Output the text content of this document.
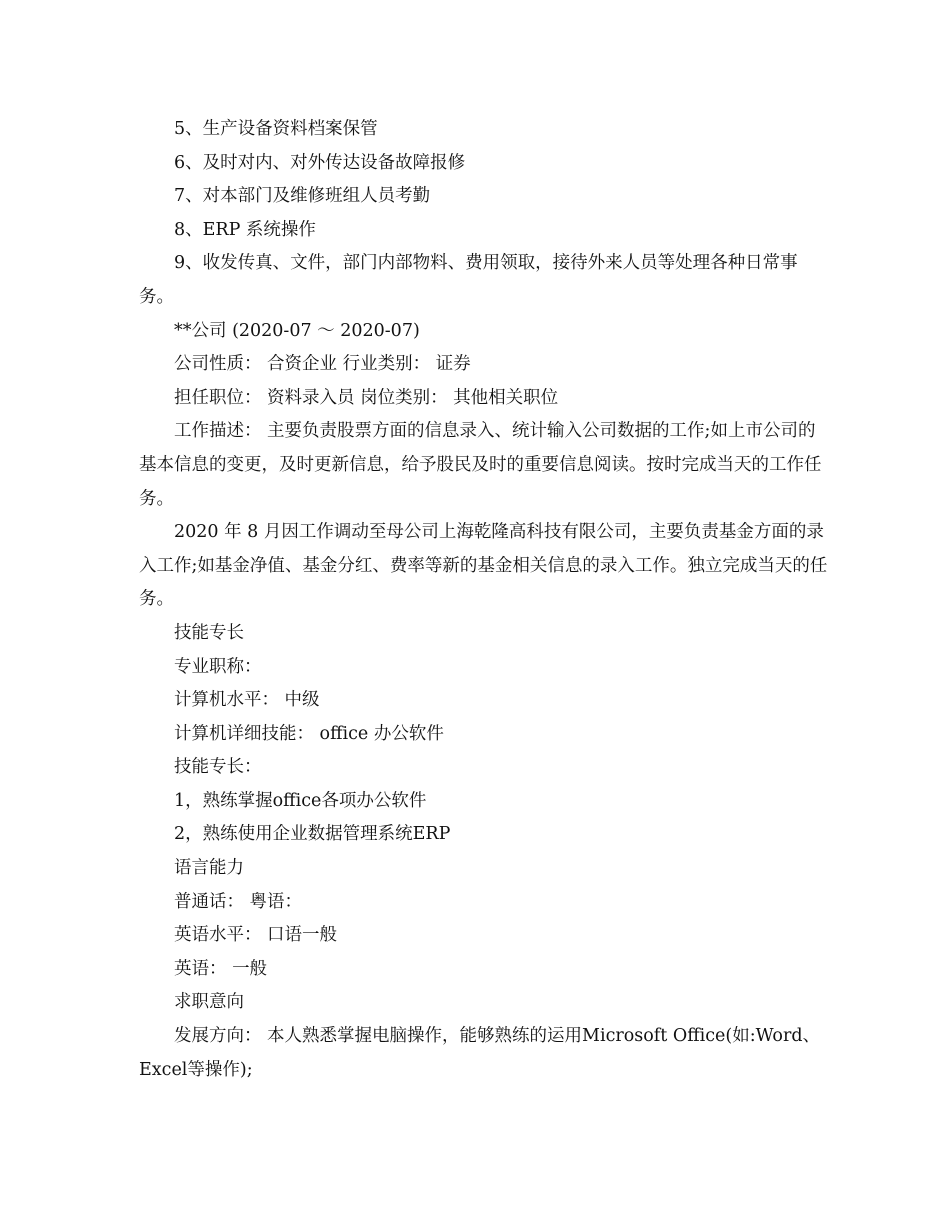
5、生产设备资料档案保管

6、及时对内、对外传达设备故障报修

7、对本部门及维修班组人员考勤

8、ERP 系统操作

9、收发传真、文件，部门内部物料、费用领取，接待外来人员等处理各种日常事务。

**公司 (2020-07 ～ 2020-07)

公司性质： 合资企业 行业类别： 证券

担任职位： 资料录入员 岗位类别： 其他相关职位

工作描述： 主要负责股票方面的信息录入、统计输入公司数据的工作;如上市公司的基本信息的变更，及时更新信息，给予股民及时的重要信息阅读。按时完成当天的工作任务。

2020 年 8 月因工作调动至母公司上海乾隆高科技有限公司，主要负责基金方面的录入工作;如基金净值、基金分红、费率等新的基金相关信息的录入工作。独立完成当天的任务。

技能专长

专业职称：

计算机水平： 中级

计算机详细技能： office 办公软件

技能专长：

1，熟练掌握office各项办公软件

2，熟练使用企业数据管理系统ERP

语言能力

普通话： 粤语：

英语水平： 口语一般

英语： 一般

求职意向

发展方向： 本人熟悉掌握电脑操作，能够熟练的运用Microsoft Office(如:Word、Excel等操作);
